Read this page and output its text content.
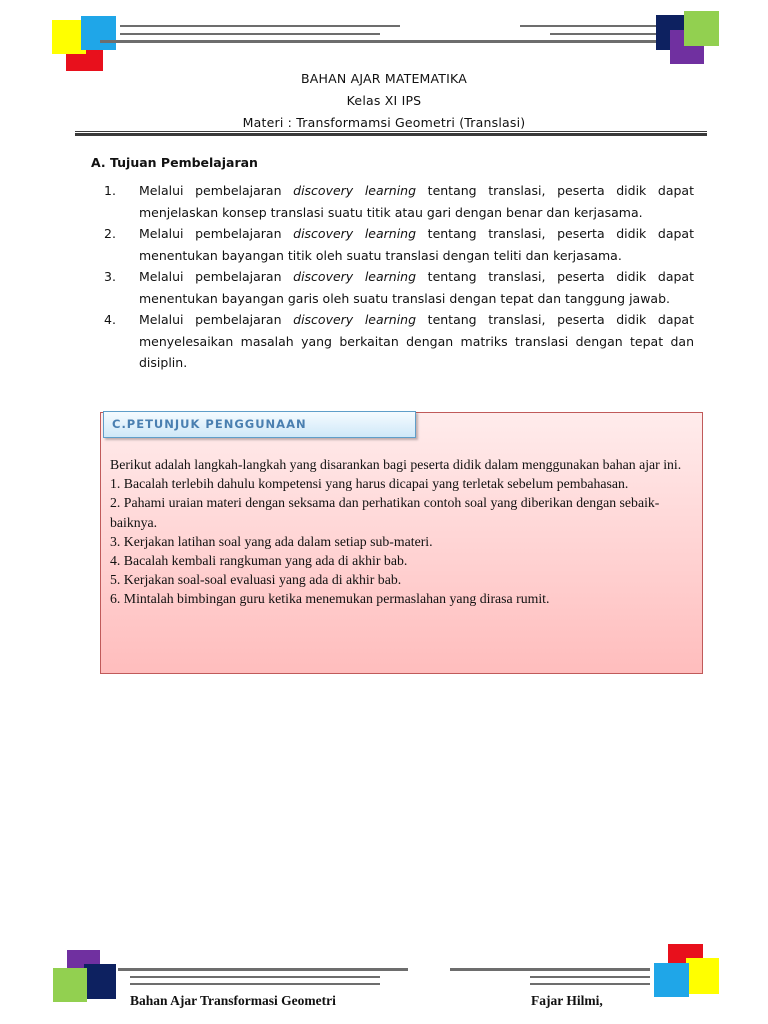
BAHAN AJAR MATEMATIKA
Kelas XI IPS
Materi : Transformamsi Geometri (Translasi)
A. Tujuan Pembelajaran
1.	Melalui pembelajaran discovery learning tentang translasi, peserta didik dapat menjelaskan konsep translasi suatu titik atau gari dengan benar dan kerjasama.
2.	Melalui pembelajaran discovery learning tentang translasi, peserta didik dapat menentukan bayangan titik oleh suatu translasi dengan teliti dan kerjasama.
3.	Melalui pembelajaran discovery learning tentang translasi, peserta didik dapat menentukan bayangan garis oleh suatu translasi dengan tepat dan tanggung jawab.
4.	Melalui pembelajaran discovery learning tentang translasi, peserta didik dapat menyelesaikan masalah yang berkaitan dengan matriks translasi dengan tepat dan disiplin.
C.PETUNJUK PENGGUNAAN
Berikut adalah langkah-langkah yang disarankan bagi peserta didik dalam menggunakan bahan ajar ini.
1. Bacalah terlebih dahulu kompetensi yang harus dicapai yang terletak sebelum pembahasan.
2. Pahami uraian materi dengan seksama dan perhatikan contoh soal yang diberikan dengan sebaik-baiknya.
3. Kerjakan latihan soal yang ada dalam setiap sub-materi.
4. Bacalah kembali rangkuman yang ada di akhir bab.
5. Kerjakan soal-soal evaluasi yang ada di akhir bab.
6. Mintalah bimbingan guru ketika menemukan permaslahan yang dirasa rumit.
Bahan Ajar Transformasi Geometri	Fajar Hilmi,
